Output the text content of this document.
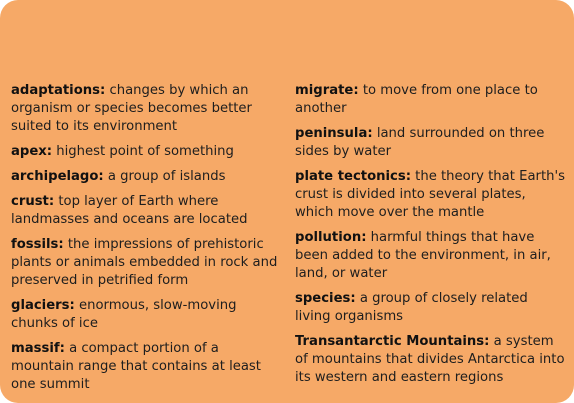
adaptations: changes by which an organism or species becomes better suited to its environment

apex: highest point of something

archipelago: a group of islands

crust: top layer of Earth where landmasses and oceans are located

fossils: the impressions of prehistoric plants or animals embedded in rock and preserved in petrified form

glaciers: enormous, slow-moving chunks of ice

massif: a compact portion of a mountain range that contains at least one summit

migrate: to move from one place to another

peninsula: land surrounded on three sides by water

plate tectonics: the theory that Earth's crust is divided into several plates, which move over the mantle

pollution: harmful things that have been added to the environment, in air, land, or water

species: a group of closely related living organisms

Transantarctic Mountains: a system of mountains that divides Antarctica into its western and eastern regions
